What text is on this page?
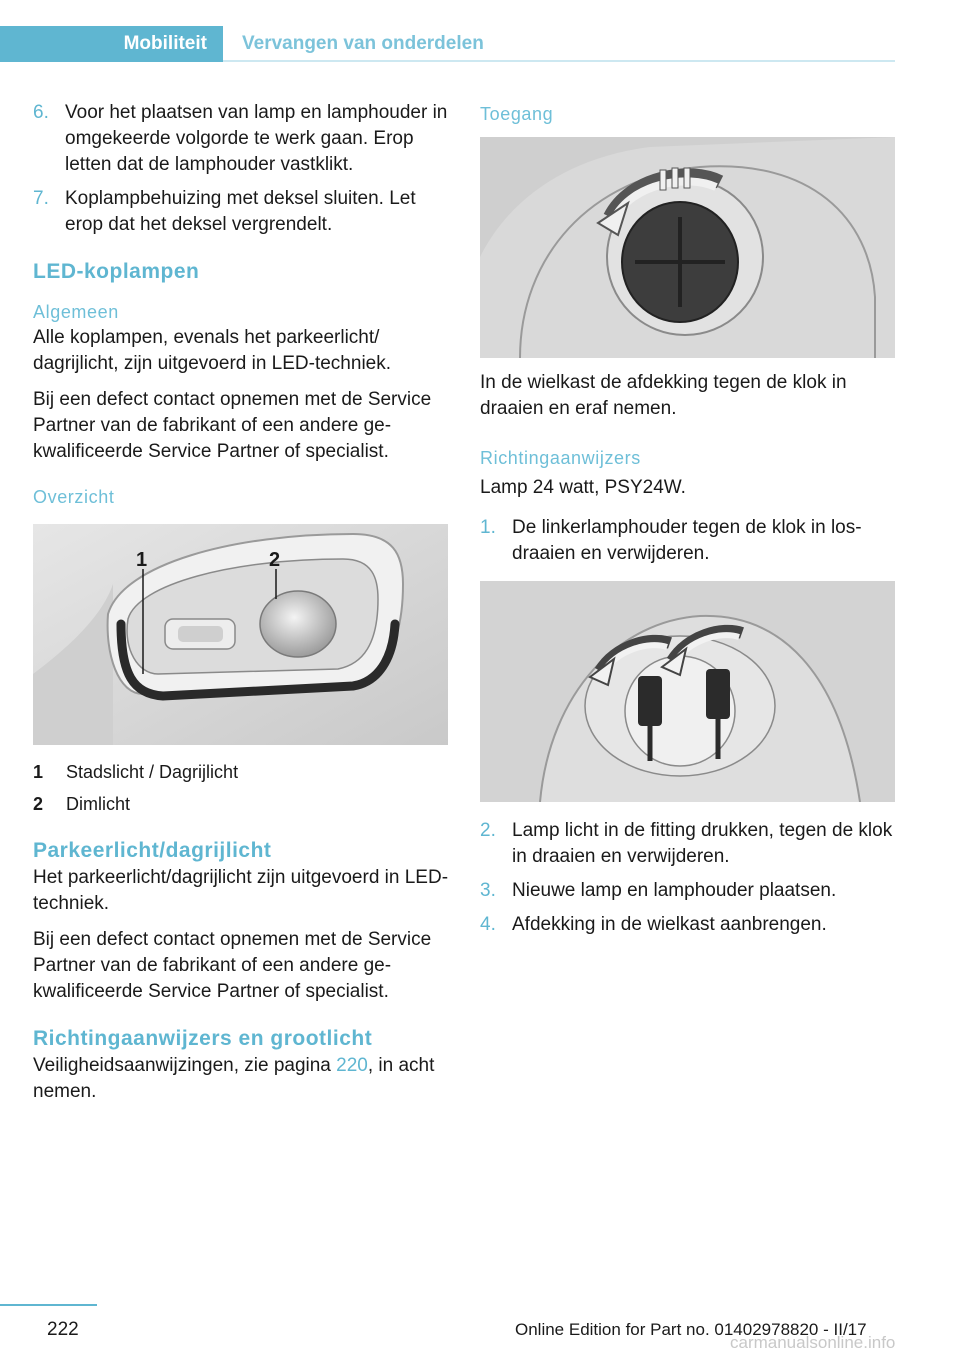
Mobiliteit	Vervangen van onderdelen
6. Voor het plaatsen van lamp en lamphouder in omgekeerde volgorde te werk gaan. Erop letten dat de lamphouder vastklikt.
7. Koplampbehuizing met deksel sluiten. Let erop dat het deksel vergrendelt.
LED-koplampen
Algemeen

Alle koplampen, evenals het parkeerlicht/ dagrijlicht, zijn uitgevoerd in LED-techniek.

Bij een defect contact opnemen met de Service Partner van de fabrikant of een andere gekwalificeerde Service Partner of specialist.

Overzicht
1	2
1	Stadslicht / Dagrijlicht
2	Dimlicht
Parkeerlicht/dagrijlicht

Het parkeerlicht/dagrijlicht zijn uitgevoerd in LED-techniek.

Bij een defect contact opnemen met de Service Partner van de fabrikant of een andere gekwalificeerde Service Partner of specialist.

Richtingaanwijzers en grootlicht

Veiligheidsaanwijzingen, zie pagina 220, in acht nemen.

Toegang

In de wielkast de afdekking tegen de klok in draaien en eraf nemen.

Richtingaanwijzers

Lamp 24 watt, PSY24W.

1. De linkerlamphouder tegen de klok in losdraaien en verwijderen.
2. Lamp licht in de fitting drukken, tegen de klok in draaien en verwijderen.
3. Nieuwe lamp en lamphouder plaatsen.
4. Afdekking in de wielkast aanbrengen.
222	Online Edition for Part no. 01402978820 - II/17
carmanualsonline.info
